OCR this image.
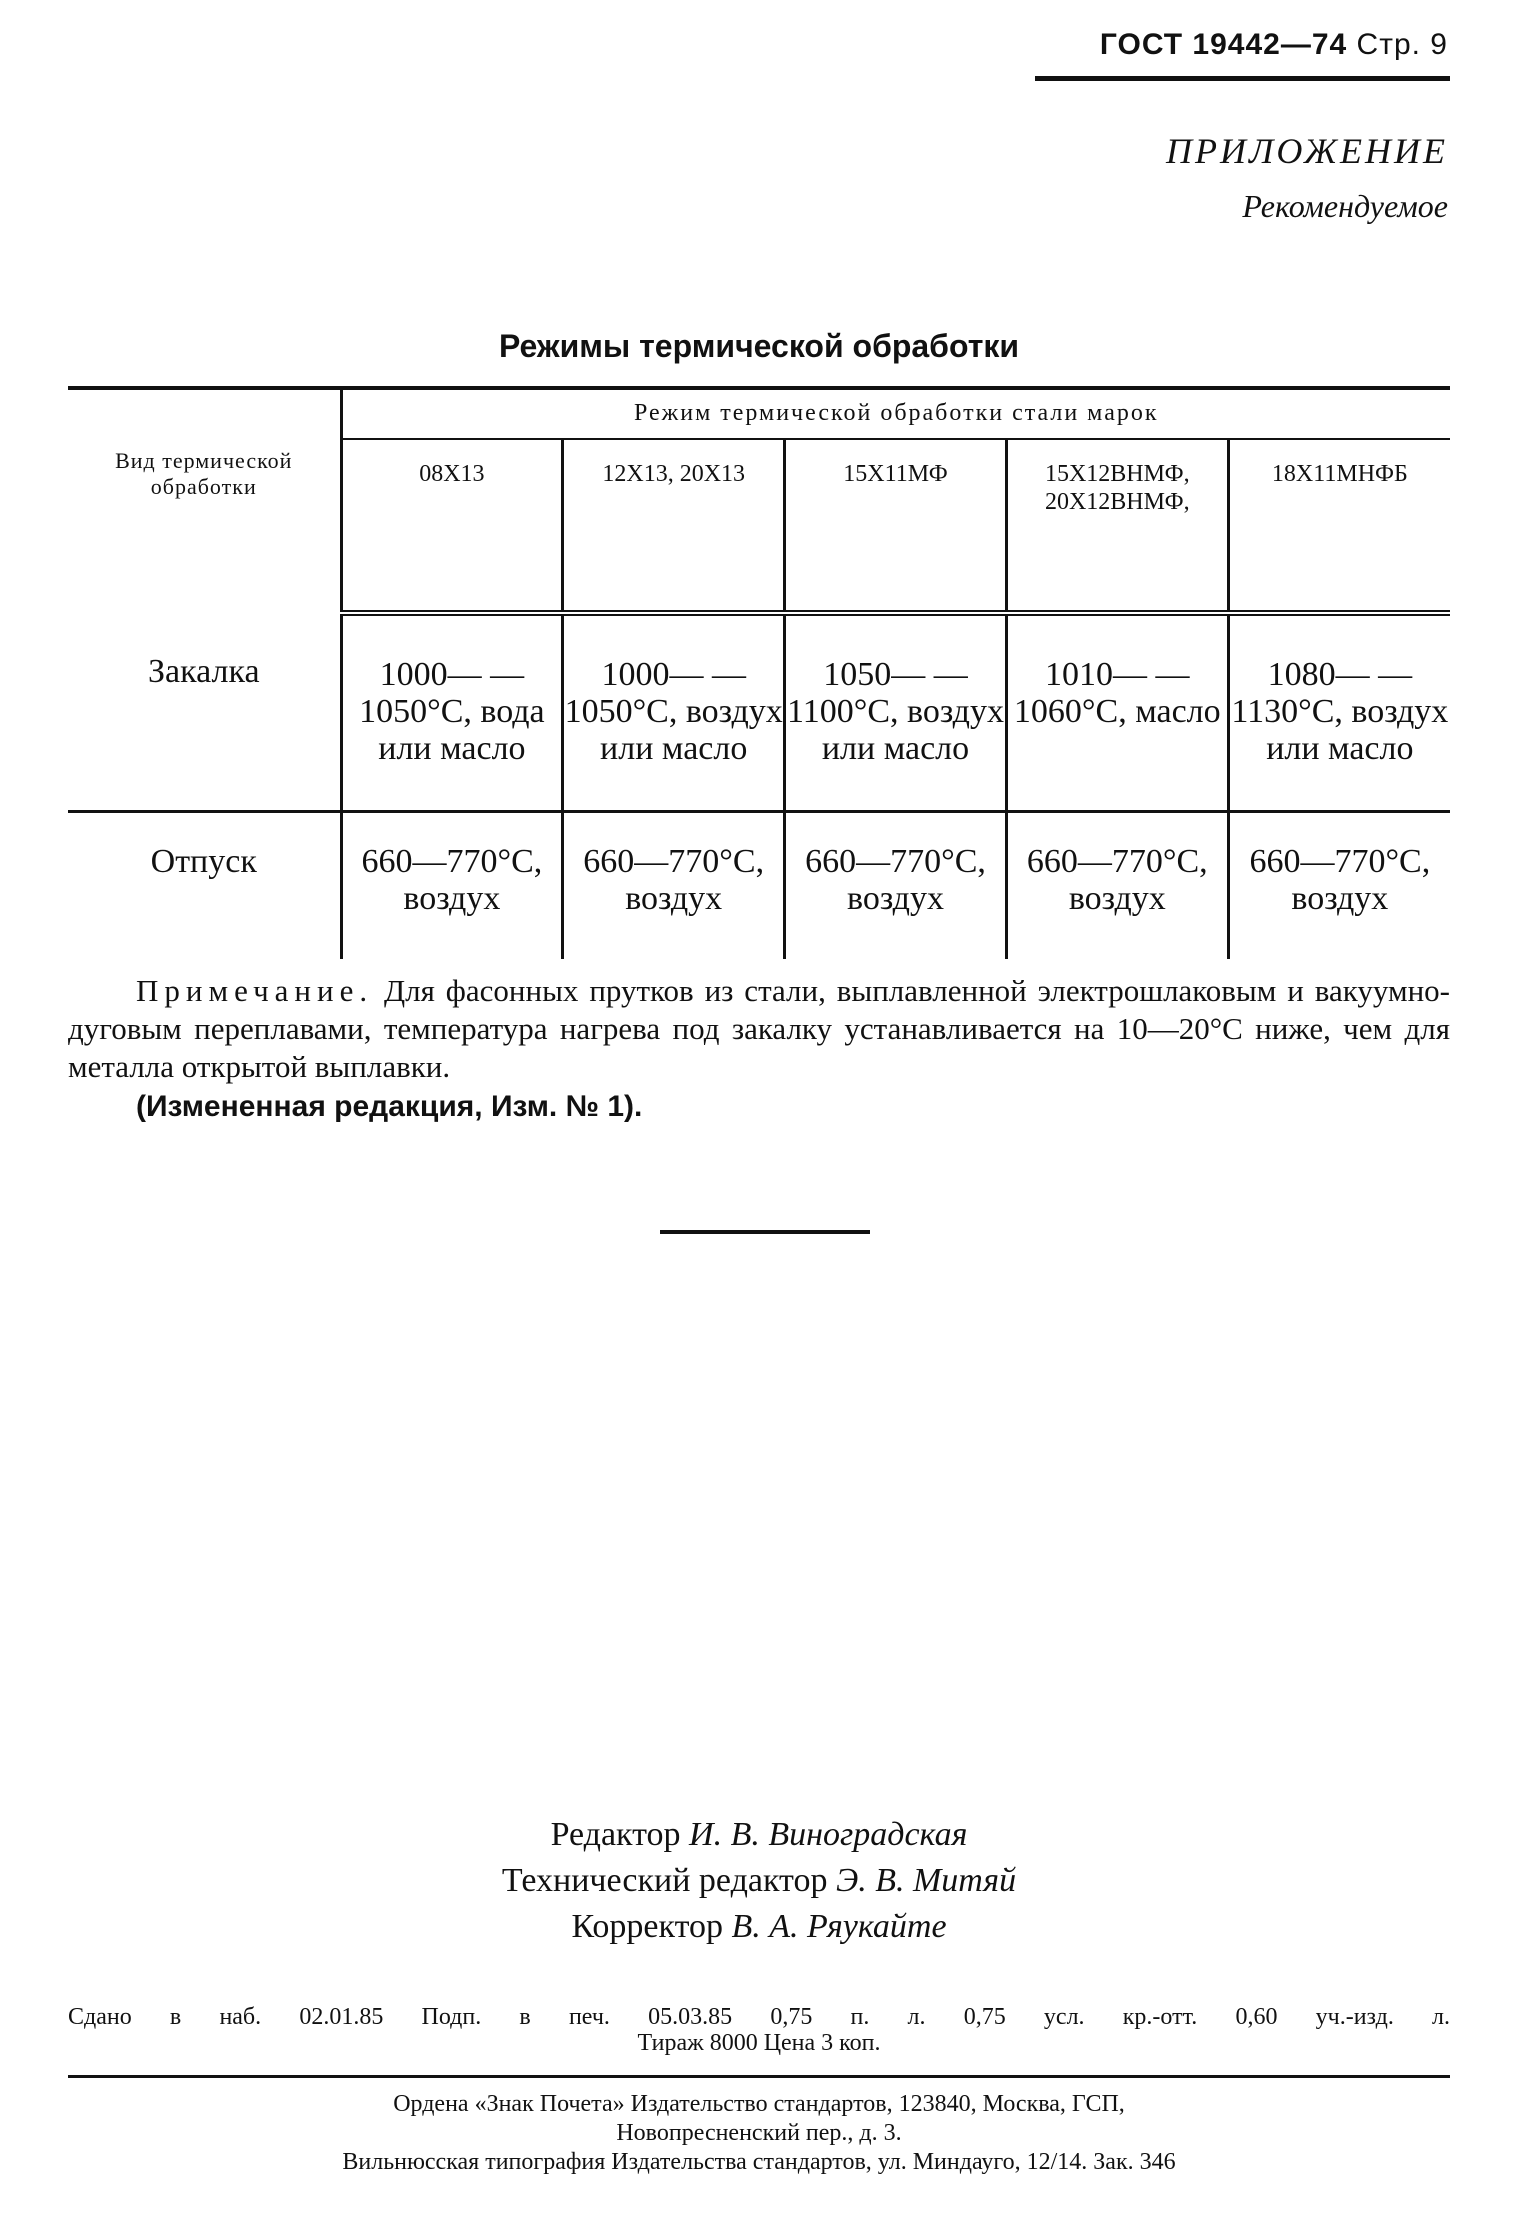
ГОСТ 19442—74 Стр. 9
ПРИЛОЖЕНИЕ
Рекомендуемое
Режимы термической обработки
Вид термической обработки	Режим термической обработки стали марок				
	08Х13	12Х13, 20Х13	15Х11МФ	15Х12ВНМФ, 20Х12ВНМФ,	18Х11МНФБ
Закалка	1000— —1050°С, вода или масло	1000— —1050°С, воздух или масло	1050— —1100°С, воздух или масло	1010— —1060°С, масло	1080— —1130°С, воздух или масло
Отпуск	660—770°С, воздух	660—770°С, воздух	660—770°С, воздух	660—770°С, воздух	660—770°С, воздух
Примечание. Для фасонных прутков из стали, выплавленной электрошлаковым и вакуумно-дуговым переплавами, температура нагрева под закалку устанавливается на 10—20°С ниже, чем для металла открытой выплавки.
(Измененная редакция, Изм. № 1).
Редактор И. В. Виноградская
Технический редактор Э. В. Митяй
Корректор В. А. Ряукайте
Сдано в наб. 02.01.85 Подп. в печ. 05.03.85 0,75 п. л. 0,75 усл. кр.-отт. 0,60 уч.-изд. л.
Тираж 8000 Цена 3 коп.
Ордена «Знак Почета» Издательство стандартов, 123840, Москва, ГСП,
Новопресненский пер., д. 3.
Вильнюсская типография Издательства стандартов, ул. Миндауго, 12/14. Зак. 346
